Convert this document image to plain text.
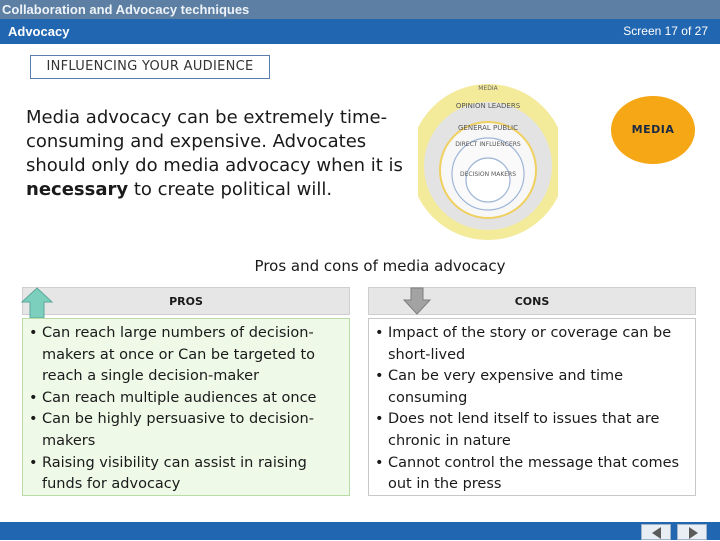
Collaboration and Advocacy techniques
Advocacy	Screen 17 of 27
INFLUENCING YOUR AUDIENCE
Media advocacy can be extremely time-consuming and expensive. Advocates should only do media advocacy when it is necessary to create political will.
MEDIA
OPINION LEADERS
GENERAL PUBLIC
DIRECT INFLUENCERS
DECISION MAKERS
MEDIA
Pros and cons of media advocacy
PROS	CONS
• Can reach large numbers of decision-makers at once or Can be targeted to reach a single decision-maker
• Can reach multiple audiences at once
• Can be highly persuasive to decision-makers
• Raising visibility can assist in raising funds for advocacy
• Impact of the story or coverage can be short-lived
• Can be very expensive and time consuming
• Does not lend itself to issues that are chronic in nature
• Cannot control the message that comes out in the press
